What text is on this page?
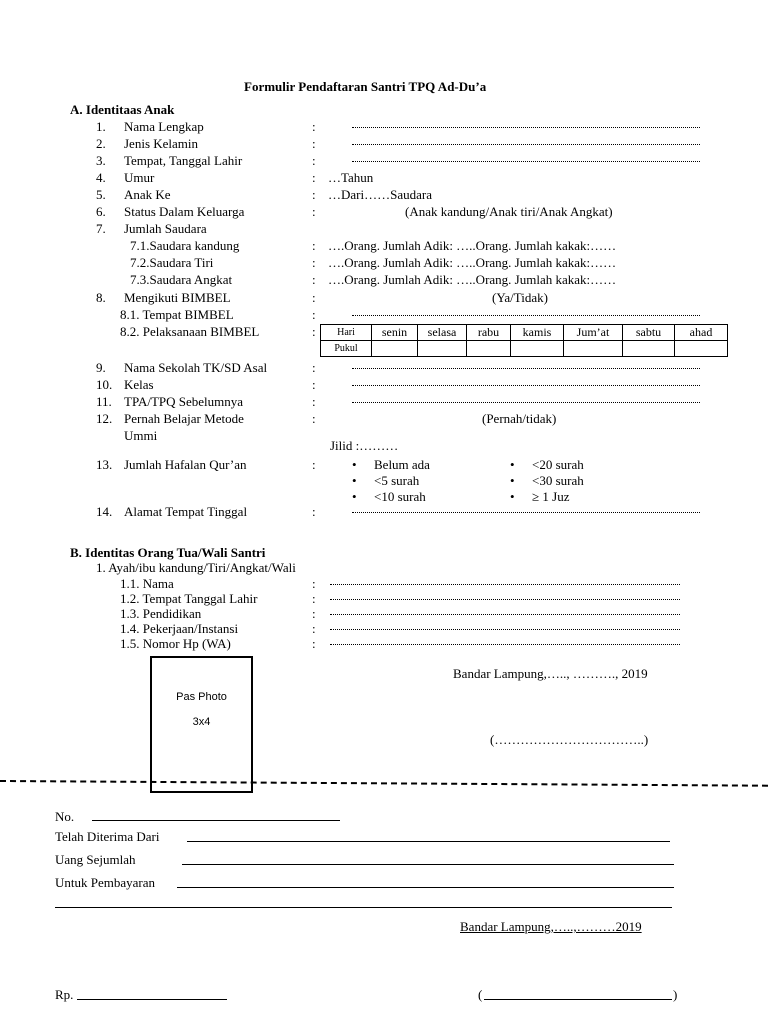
Formulir Pendaftaran Santri TPQ Ad-Du’a
A. Identitaas Anak
1. Nama Lengkap	:
2. Jenis Kelamin	:
3. Tempat, Tanggal Lahir	:
4. Umur	: …Tahun
5. Anak Ke	: …Dari……Saudara
6. Status Dalam Keluarga	:	(Anak kandung/Anak tiri/Anak Angkat)
7. Jumlah Saudara
7.1.Saudara kandung	: ….Orang. Jumlah Adik: …..Orang. Jumlah kakak:……
7.2.Saudara Tiri	: ….Orang. Jumlah Adik: …..Orang. Jumlah kakak:……
7.3.Saudara Angkat	: ….Orang. Jumlah Adik: …..Orang. Jumlah kakak:……
8. Mengikuti BIMBEL	:	(Ya/Tidak)
8.1. Tempat BIMBEL	:
8.2. Pelaksanaan BIMBEL	: Hari	senin	selasa	rabu	kamis	Jum’at	sabtu	ahad
Pukul							
9. Nama Sekolah TK/SD Asal	:
10. Kelas	:
11. TPA/TPQ Sebelumnya	:
12. Pernah Belajar Metode
Ummi
:	(Pernah/tidak)
Jilid :………
13. Jumlah Hafalan Qur’an	:	• Belum ada
• <5 surah
• <10 surah
• <20 surah
• <30 surah
• ≥ 1 Juz
14. Alamat Tempat Tinggal	:
B. Identitas Orang Tua/Wali Santri
1. Ayah/ibu kandung/Tiri/Angkat/Wali
1.1. Nama	:
1.2. Tempat Tanggal Lahir	:
1.3. Pendidikan	:
1.4. Pekerjaan/Instansi	:
1.5. Nomor Hp (WA)	:
Pas Photo
3x4
Bandar Lampung,….., ………., 2019
(……………………………..)
No.
Telah Diterima Dari
Uang Sejumlah
Untuk Pembayaran
Bandar Lampung,…..,………2019
Rp.	(	)
